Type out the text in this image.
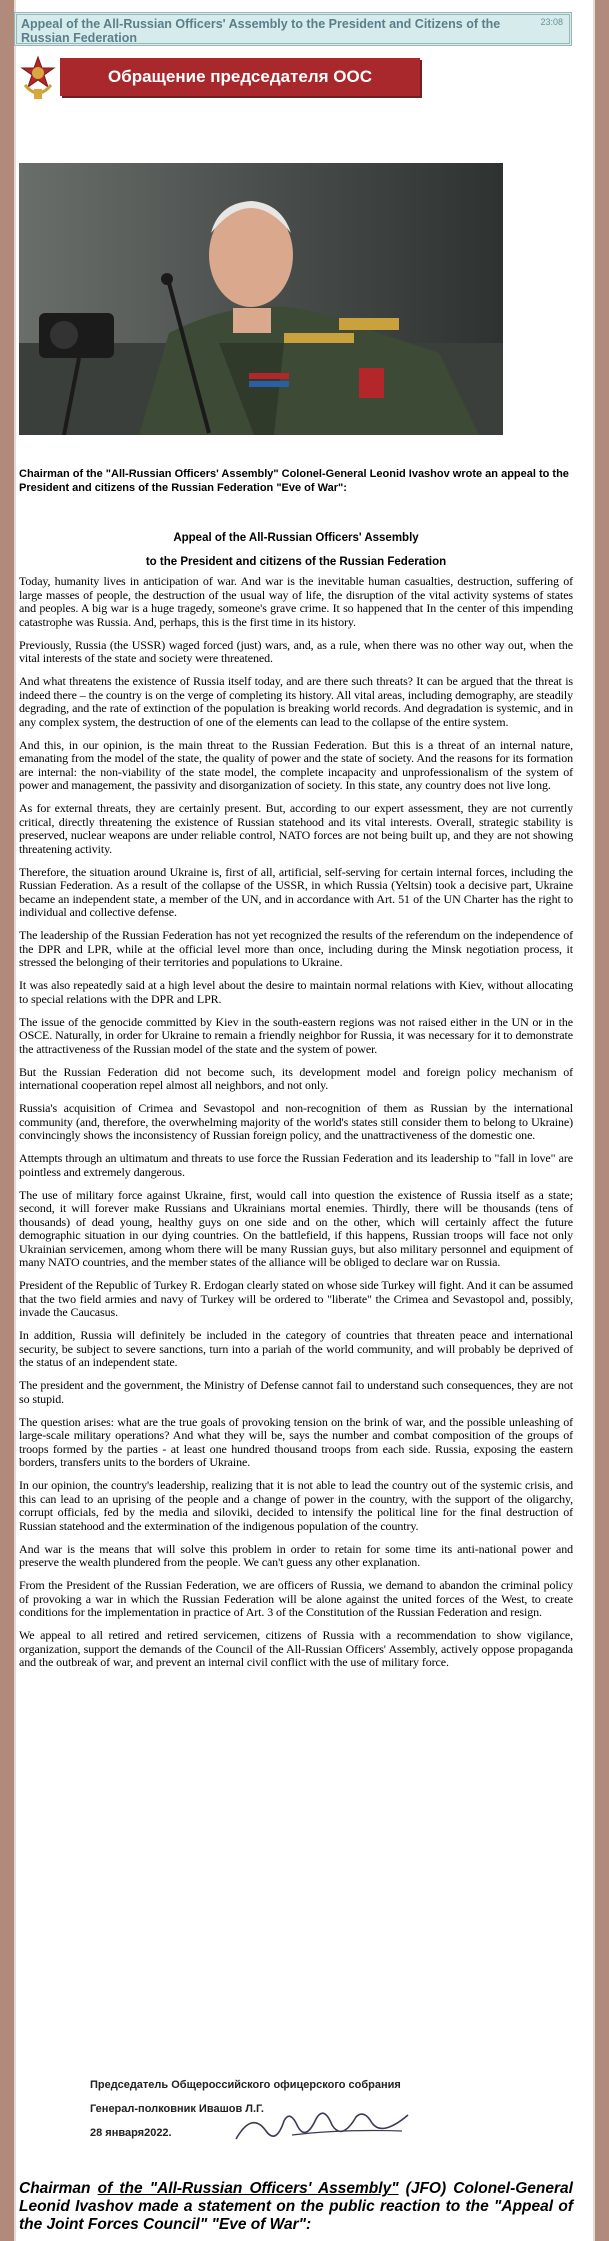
Appeal of the All-Russian Officers' Assembly to the President and Citizens of the Russian Federation
23:08
Обращение председателя ООС
Chairman of the "All-Russian Officers' Assembly" Colonel-General Leonid Ivashov wrote an appeal to the President and citizens of the Russian Federation "Eve of War":
Appeal of the All-Russian Officers' Assembly
to the President and citizens of the Russian Federation

Today, humanity lives in anticipation of war. And war is the inevitable human casualties, destruction, suffering of large masses of people, the destruction of the usual way of life, the disruption of the vital activity systems of states and peoples. A big war is a huge tragedy, someone's grave crime. It so happened that In the center of this impending catastrophe was Russia. And, perhaps, this is the first time in its history.

Previously, Russia (the USSR) waged forced (just) wars, and, as a rule, when there was no other way out, when the vital interests of the state and society were threatened.

And what threatens the existence of Russia itself today, and are there such threats? It can be argued that the threat is indeed there – the country is on the verge of completing its history. All vital areas, including demography, are steadily degrading, and the rate of extinction of the population is breaking world records. And degradation is systemic, and in any complex system, the destruction of one of the elements can lead to the collapse of the entire system.

And this, in our opinion, is the main threat to the Russian Federation. But this is a threat of an internal nature, emanating from the model of the state, the quality of power and the state of society. And the reasons for its formation are internal: the non-viability of the state model, the complete incapacity and unprofessionalism of the system of power and management, the passivity and disorganization of society. In this state, any country does not live long.

As for external threats, they are certainly present. But, according to our expert assessment, they are not currently critical, directly threatening the existence of Russian statehood and its vital interests. Overall, strategic stability is preserved, nuclear weapons are under reliable control, NATO forces are not being built up, and they are not showing threatening activity.

Therefore, the situation around Ukraine is, first of all, artificial, self-serving for certain internal forces, including the Russian Federation. As a result of the collapse of the USSR, in which Russia (Yeltsin) took a decisive part, Ukraine became an independent state, a member of the UN, and in accordance with Art. 51 of the UN Charter has the right to individual and collective defense.

The leadership of the Russian Federation has not yet recognized the results of the referendum on the independence of the DPR and LPR, while at the official level more than once, including during the Minsk negotiation process, it stressed the belonging of their territories and populations to Ukraine.

It was also repeatedly said at a high level about the desire to maintain normal relations with Kiev, without allocating to special relations with the DPR and LPR.

The issue of the genocide committed by Kiev in the south-eastern regions was not raised either in the UN or in the OSCE. Naturally, in order for Ukraine to remain a friendly neighbor for Russia, it was necessary for it to demonstrate the attractiveness of the Russian model of the state and the system of power.

But the Russian Federation did not become such, its development model and foreign policy mechanism of international cooperation repel almost all neighbors, and not only.

Russia's acquisition of Crimea and Sevastopol and non-recognition of them as Russian by the international community (and, therefore, the overwhelming majority of the world's states still consider them to belong to Ukraine) convincingly shows the inconsistency of Russian foreign policy, and the unattractiveness of the domestic one.

Attempts through an ultimatum and threats to use force the Russian Federation and its leadership to "fall in love" are pointless and extremely dangerous.

The use of military force against Ukraine, first, would call into question the existence of Russia itself as a state; second, it will forever make Russians and Ukrainians mortal enemies. Thirdly, there will be thousands (tens of thousands) of dead young, healthy guys on one side and on the other, which will certainly affect the future demographic situation in our dying countries. On the battlefield, if this happens, Russian troops will face not only Ukrainian servicemen, among whom there will be many Russian guys, but also military personnel and equipment of many NATO countries, and the member states of the alliance will be obliged to declare war on Russia.

President of the Republic of Turkey R. Erdogan clearly stated on whose side Turkey will fight. And it can be assumed that the two field armies and navy of Turkey will be ordered to "liberate" the Crimea and Sevastopol and, possibly, invade the Caucasus.

In addition, Russia will definitely be included in the category of countries that threaten peace and international security, be subject to severe sanctions, turn into a pariah of the world community, and will probably be deprived of the status of an independent state.

The president and the government, the Ministry of Defense cannot fail to understand such consequences, they are not so stupid.

The question arises: what are the true goals of provoking tension on the brink of war, and the possible unleashing of large-scale military operations? And what they will be, says the number and combat composition of the groups of troops formed by the parties - at least one hundred thousand troops from each side. Russia, exposing the eastern borders, transfers units to the borders of Ukraine.

In our opinion, the country's leadership, realizing that it is not able to lead the country out of the systemic crisis, and this can lead to an uprising of the people and a change of power in the country, with the support of the oligarchy, corrupt officials, fed by the media and siloviki, decided to intensify the political line for the final destruction of Russian statehood and the extermination of the indigenous population of the country.

And war is the means that will solve this problem in order to retain for some time its anti-national power and preserve the wealth plundered from the people. We can't guess any other explanation.

From the President of the Russian Federation, we are officers of Russia, we demand to abandon the criminal policy of provoking a war in which the Russian Federation will be alone against the united forces of the West, to create conditions for the implementation in practice of Art. 3 of the Constitution of the Russian Federation and resign.

We appeal to all retired and retired servicemen, citizens of Russia with a recommendation to show vigilance, organization, support the demands of the Council of the All-Russian Officers' Assembly, actively oppose propaganda and the outbreak of war, and prevent an internal civil conflict with the use of military force.

Председатель Общероссийского офицерского собрания
Генерал-полковник Ивашов Л.Г.
28 января2022.
Chairman of the "All-Russian Officers' Assembly" (JFO) Colonel-General Leonid Ivashov made a statement on the public reaction to the "Appeal of the Joint Forces Council" "Eve of War":
